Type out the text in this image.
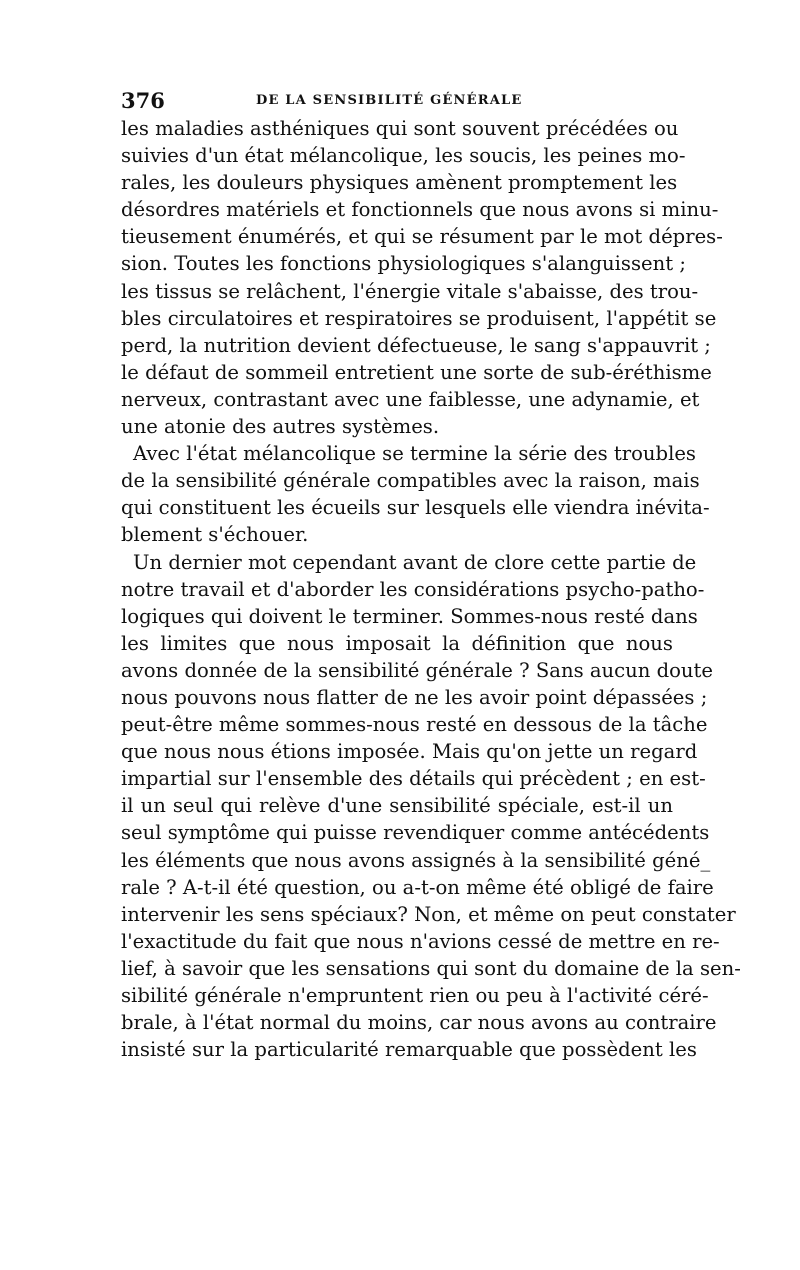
376	DE LA SENSIBILITÉ GÉNÉRALE

les maladies asthéniques qui sont souvent précédées ou
suivies d'un état mélancolique, les soucis, les peines mo-
rales, les douleurs physiques amènent promptement les
désordres matériels et fonctionnels que nous avons si minu-
tieusement énumérés, et qui se résument par le mot dépres-
sion. Toutes les fonctions physiologiques s'alanguissent ;
les tissus se relâchent, l'énergie vitale s'abaisse, des trou-
bles circulatoires et respiratoires se produisent, l'appétit se
perd, la nutrition devient défectueuse, le sang s'appauvrit ;
le défaut de sommeil entretient une sorte de sub-éréthisme
nerveux, contrastant avec une faiblesse, une adynamie, et
une atonie des autres systèmes.

Avec l'état mélancolique se termine la série des troubles
de la sensibilité générale compatibles avec la raison, mais
qui constituent les écueils sur lesquels elle viendra inévita-
blement s'échouer.

Un dernier mot cependant avant de clore cette partie de
notre travail et d'aborder les considérations psycho-patho-
logiques qui doivent le terminer. Sommes-nous resté dans
les limites que nous imposait la définition que nous
avons donnée de la sensibilité générale ? Sans aucun doute
nous pouvons nous flatter de ne les avoir point dépassées ;
peut-être même sommes-nous resté en dessous de la tâche
que nous nous étions imposée. Mais qu'on jette un regard
impartial sur l'ensemble des détails qui précèdent ; en est-
il un seul qui relève d'une sensibilité spéciale, est-il un
seul symptôme qui puisse revendiquer comme antécédents
les éléments que nous avons assignés à la sensibilité géné_
rale ? A-t-il été question, ou a-t-on même été obligé de faire
intervenir les sens spéciaux? Non, et même on peut constater
l'exactitude du fait que nous n'avions cessé de mettre en re-
lief, à savoir que les sensations qui sont du domaine de la sen-
sibilité générale n'empruntent rien ou peu à l'activité céré-
brale, à l'état normal du moins, car nous avons au contraire
insisté sur la particularité remarquable que possèdent les
